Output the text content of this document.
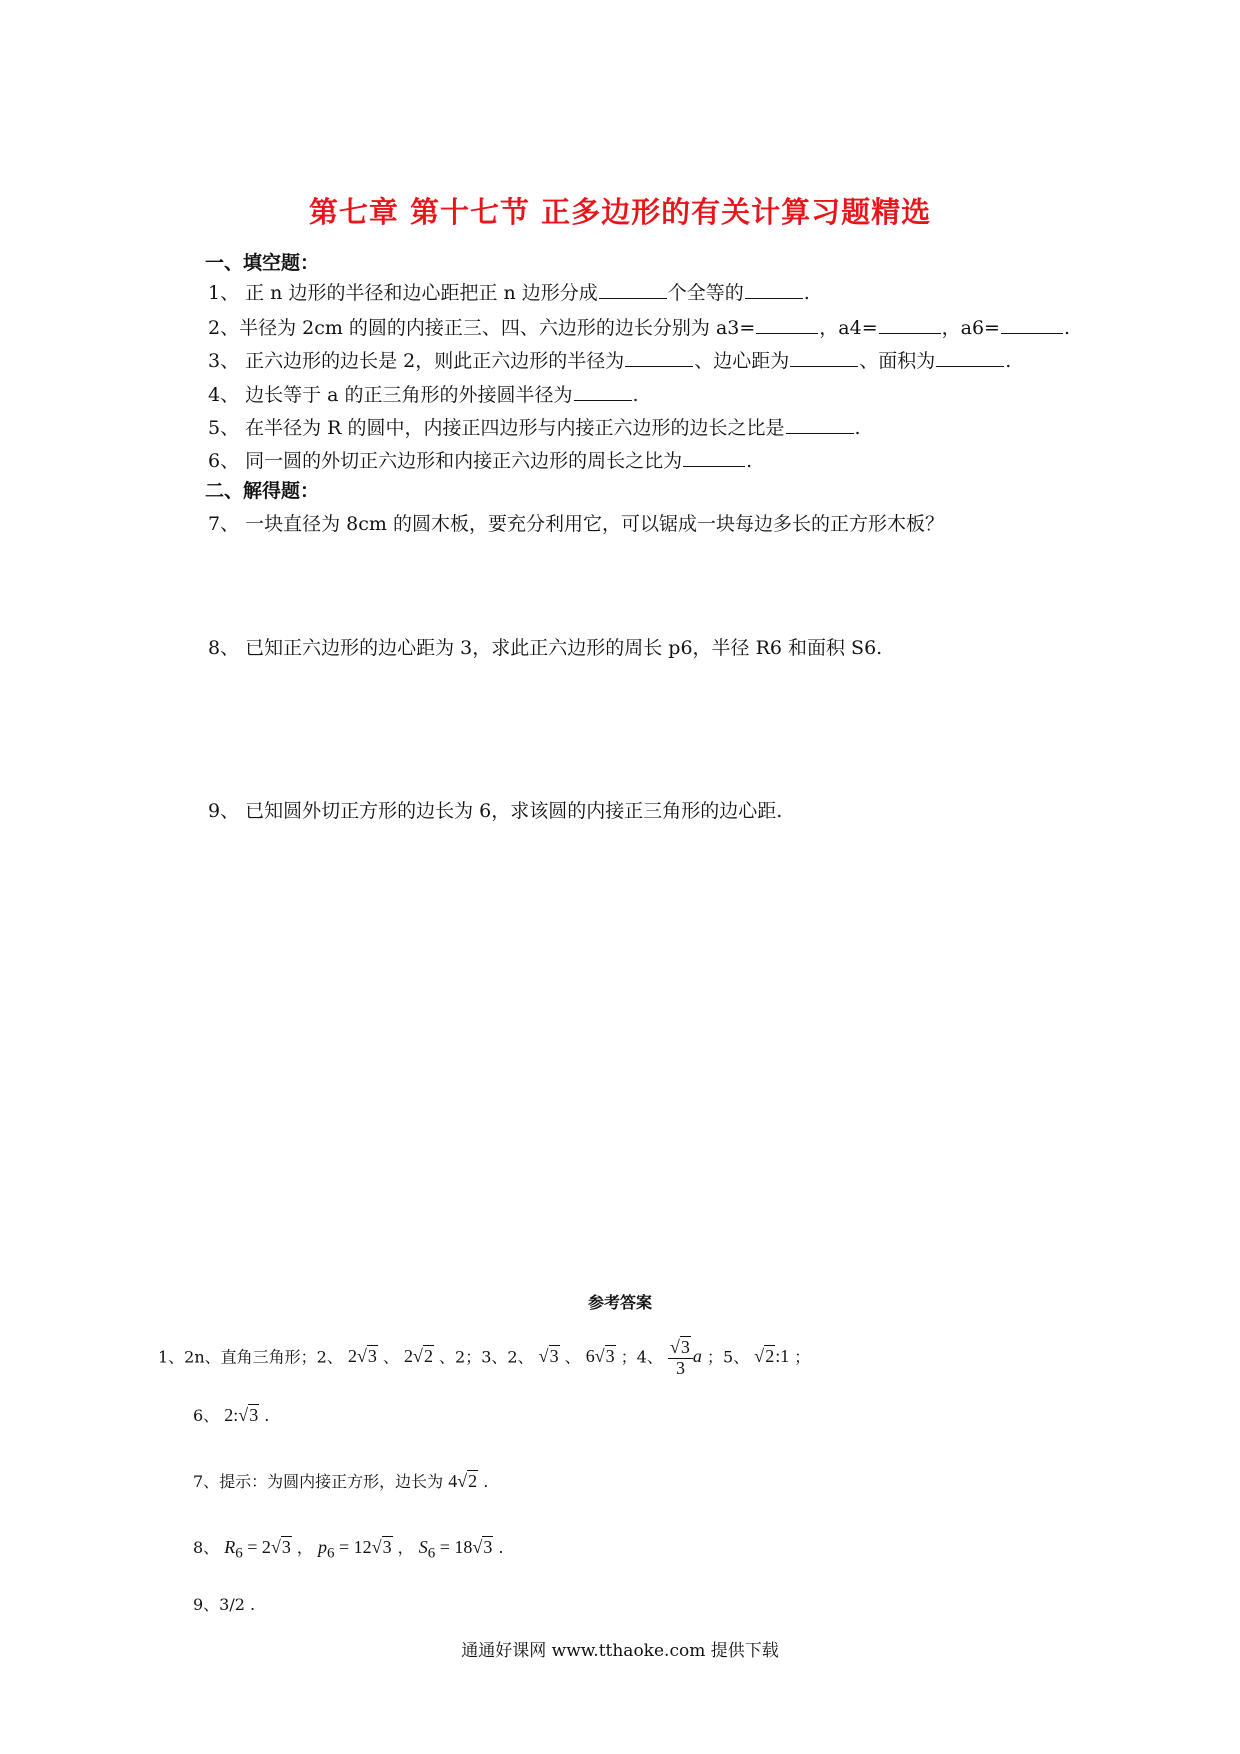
第七章 第十七节 正多边形的有关计算习题精选
一、填空题：
1、 正 n 边形的半径和边心距把正 n 边形分成	个全等的	.
2、半径为 2cm 的圆的内接正三、四、六边形的边长分别为 a3=	，a4=	，a6=	.
3、 正六边形的边长是 2，则此正六边形的半径为	、边心距为	、面积为	.
4、 边长等于 a 的正三角形的外接圆半径为	.
5、 在半径为 R 的圆中，内接正四边形与内接正六边形的边长之比是	.
6、 同一圆的外切正六边形和内接正六边形的周长之比为	.
二、解得题：
7、 一块直径为 8cm 的圆木板，要充分利用它，可以锯成一块每边多长的正方形木板？
8、 已知正六边形的边心距为 3，求此正六边形的周长 p6，半径 R6 和面积 S6.
9、 已知圆外切正方形的边长为 6，求该圆的内接正三角形的边心距.
参考答案
1、2n、直角三角形；2、 2√3 、 2√2 、2；3、2、 √3 、 6√3 ；4、 $\frac{√3}{3}$ a ；5、 √2:1 ；
6、 2:√3 .
7、提示：为圆内接正方形，边长为 4√2 .
8、 $R_6 = 2√3$ ， $p_6 = 12√3$ ， $S_6 = 18√3$ .
9、3/2 .
通通好课网 www.tthaoke.com 提供下载
